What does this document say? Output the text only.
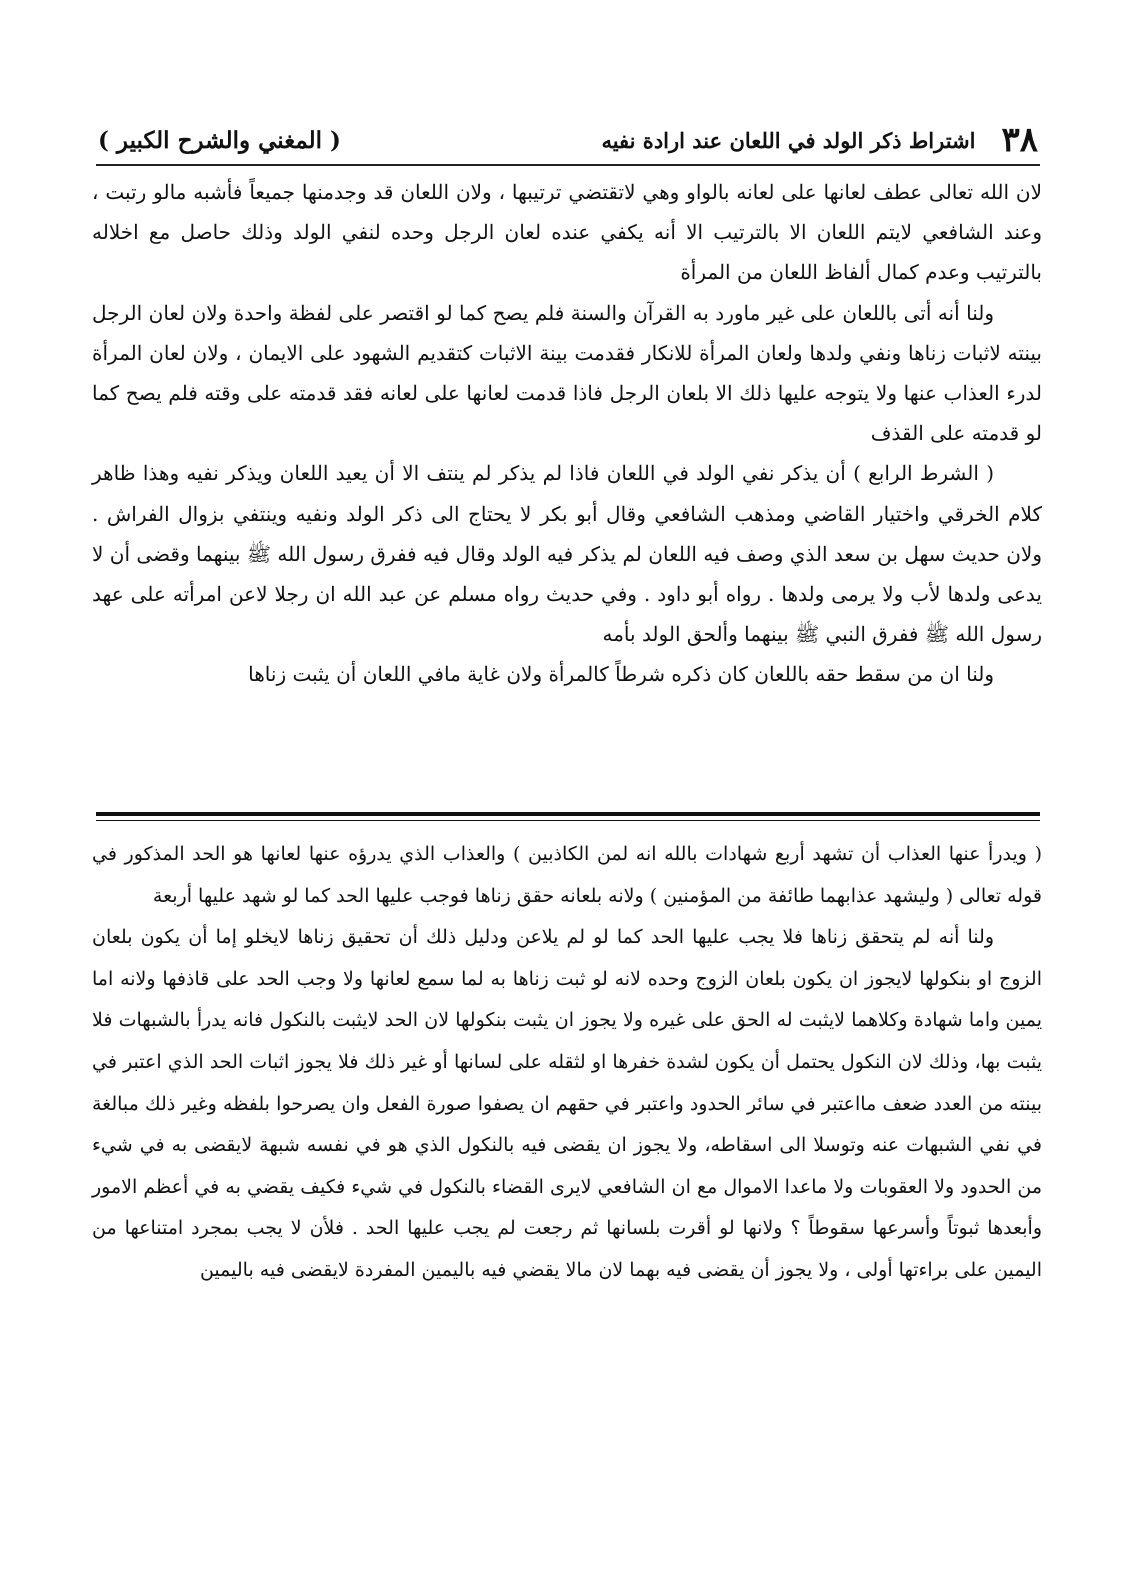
٣٨
اشتراط ذكر الولد في اللعان عند ارادة نفيه
( المغني والشرح الكبير )

لان الله تعالى عطف لعانها على لعانه بالواو وهي لاتقتضي ترتيبها ، ولان اللعان قد وجدمنها جميعاً فأشبه مالو رتبت ، وعند الشافعي لايتم اللعان الا بالترتيب الا أنه يكفي عنده لعان الرجل وحده لنفي الولد وذلك حاصل مع اخلاله بالترتيب وعدم كمال ألفاظ اللعان من المرأة

ولنا أنه أتى باللعان على غير ماورد به القرآن والسنة فلم يصح كما لو اقتصر على لفظة واحدة ولان لعان الرجل بينته لاثبات زناها ونفي ولدها ولعان المرأة للانكار فقدمت بينة الاثبات كتقديم الشهود على الايمان ، ولان لعان المرأة لدرء العذاب عنها ولا يتوجه عليها ذلك الا بلعان الرجل فاذا قدمت لعانها على لعانه فقد قدمته على وقته فلم يصح كما لو قدمته على القذف

( الشرط الرابع ) أن يذكر نفي الولد في اللعان فاذا لم يذكر لم ينتف الا أن يعيد اللعان ويذكر نفيه وهذا ظاهر كلام الخرقي واختيار القاضي ومذهب الشافعي وقال أبو بكر لا يحتاج الى ذكر الولد ونفيه وينتفي بزوال الفراش . ولان حديث سهل بن سعد الذي وصف فيه اللعان لم يذكر فيه الولد وقال فيه ففرق رسول الله ﷺ بينهما وقضى أن لا يدعى ولدها لأب ولا يرمى ولدها . رواه أبو داود . وفي حديث رواه مسلم عن عبد الله ان رجلا لاعن امرأته على عهد رسول الله ﷺ ففرق النبي ﷺ بينهما وألحق الولد بأمه

ولنا ان من سقط حقه باللعان كان ذكره شرطاً كالمرأة ولان غاية مافي اللعان أن يثبت زناها

( ويدرأ عنها العذاب أن تشهد أربع شهادات بالله انه لمن الكاذبين ) والعذاب الذي يدرؤه عنها لعانها هو الحد المذكور في قوله تعالى ( وليشهد عذابهما طائفة من المؤمنين ) ولانه بلعانه حقق زناها فوجب عليها الحد كما لو شهد عليها أربعة

ولنا أنه لم يتحقق زناها فلا يجب عليها الحد كما لو لم يلاعن ودليل ذلك أن تحقيق زناها لايخلو إما أن يكون بلعان الزوج او بنكولها لايجوز ان يكون بلعان الزوج وحده لانه لو ثبت زناها به لما سمع لعانها ولا وجب الحد على قاذفها ولانه اما يمين واما شهادة وكلاهما لايثبت له الحق على غيره ولا يجوز ان يثبت بنكولها لان الحد لايثبت بالنكول فانه يدرأ بالشبهات فلا يثبت بها، وذلك لان النكول يحتمل أن يكون لشدة خفرها او لثقله على لسانها أو غير ذلك فلا يجوز اثبات الحد الذي اعتبر في بينته من العدد ضعف مااعتبر في سائر الحدود واعتبر في حقهم ان يصفوا صورة الفعل وان يصرحوا بلفظه وغير ذلك مبالغة في نفي الشبهات عنه وتوسلا الى اسقاطه، ولا يجوز ان يقضى فيه بالنكول الذي هو في نفسه شبهة لايقضى به في شيء من الحدود ولا العقوبات ولا ماعدا الاموال مع ان الشافعي لايرى القضاء بالنكول في شيء فكيف يقضي به في أعظم الامور وأبعدها ثبوتاً وأسرعها سقوطاً ؟ ولانها لو أقرت بلسانها ثم رجعت لم يجب عليها الحد . فلأن لا يجب بمجرد امتناعها من اليمين على براءتها أولى ، ولا يجوز أن يقضى فيه بهما لان مالا يقضي فيه باليمين المفردة لايقضى فيه باليمين
